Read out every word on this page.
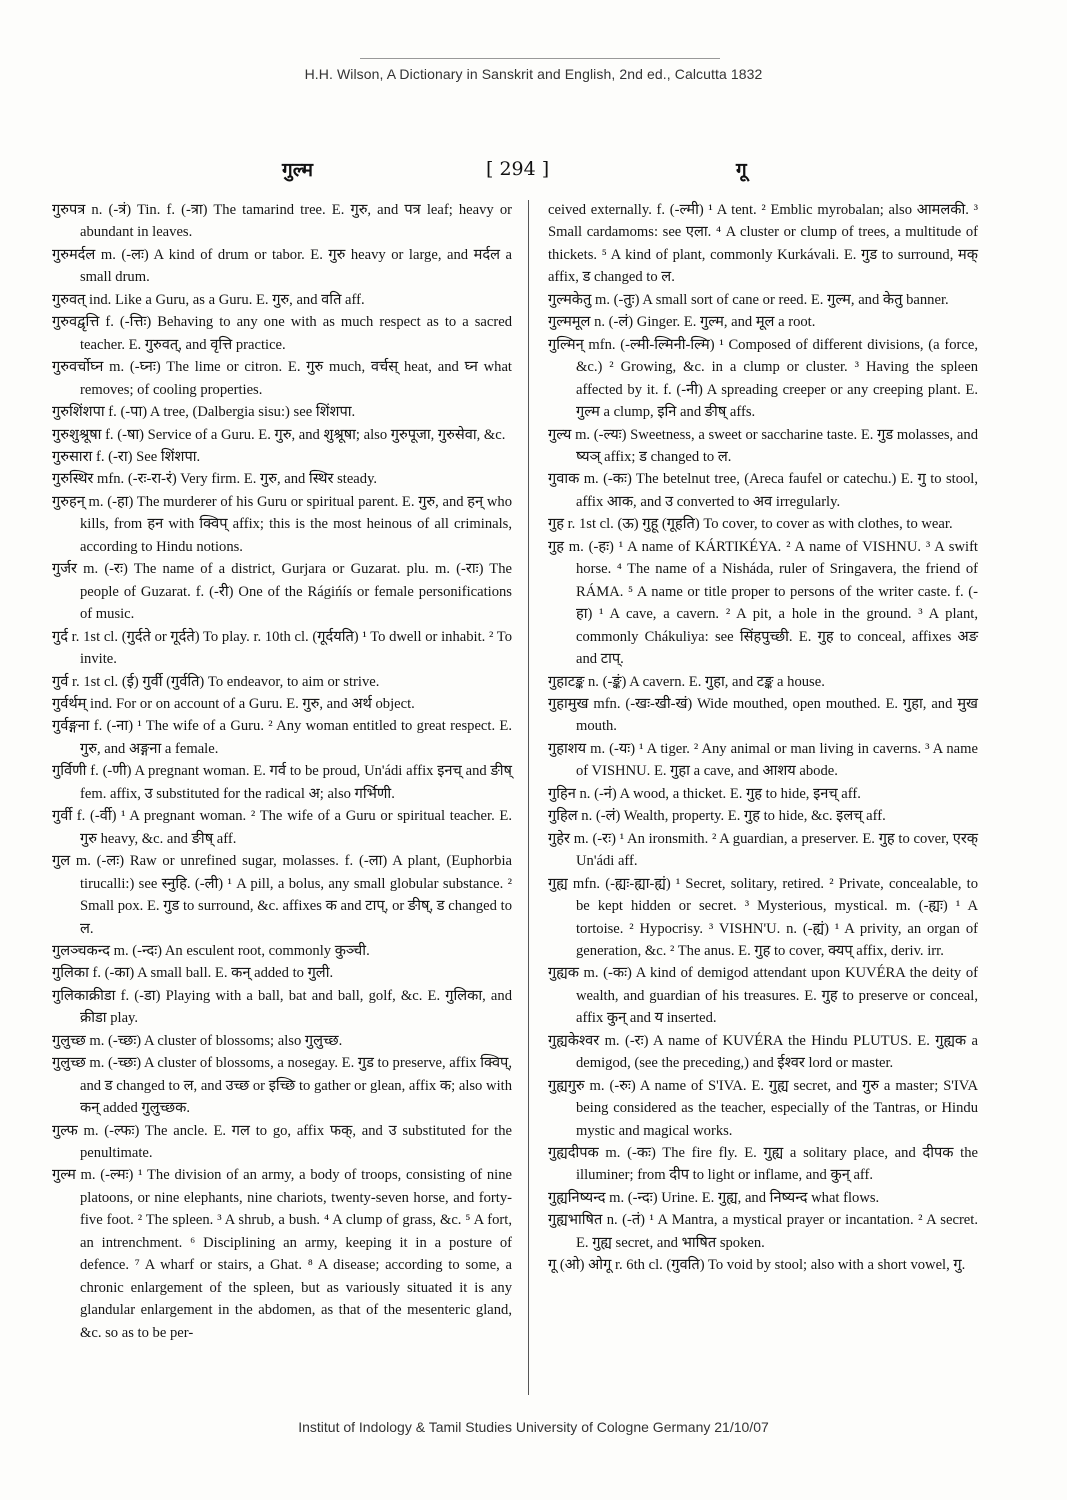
H.H. Wilson, A Dictionary in Sanskrit and English, 2nd ed., Calcutta 1832
गुल्म	[ 294 ]	गू

गुरुपत्र n. (-त्रं) Tin. f. (-त्रा) The tamarind tree. E. गुरु, and पत्र leaf; heavy or abundant in leaves.

गुरुमर्दल m. (-लः) A kind of drum or tabor. E. गुरु heavy or large, and मर्दल a small drum.

गुरुवत् ind. Like a Guru, as a Guru. E. गुरु, and वति aff.

गुरुवद्वृत्ति f. (-त्तिः) Behaving to any one with as much respect as to a sacred teacher. E. गुरुवत्, and वृत्ति practice.

गुरुवर्चोघ्न m. (-घ्नः) The lime or citron. E. गुरु much, वर्चस् heat, and घ्न what removes; of cooling properties.

गुरुशिंशपा f. (-पा) A tree, (Dalbergia sisu:) see शिंशपा.

गुरुशुश्रूषा f. (-षा) Service of a Guru. E. गुरु, and शुश्रूषा; also गुरुपूजा, गुरुसेवा, &c.

गुरुसारा f. (-रा) See शिंशपा.

गुरुस्थिर mfn. (-रः-रा-रं) Very firm. E. गुरु, and स्थिर steady.

गुरुहन् m. (-हा) The murderer of his Guru or spiritual parent. E. गुरु, and हन् who kills, from हन with क्विप् affix; this is the most heinous of all criminals, according to Hindu notions.

गुर्जर m. (-रः) The name of a district, Gurjara or Guzarat. plu. m. (-राः) The people of Guzarat. f. (-री) One of the Rágińís or female personifications of music.

गुर्द r. 1st cl. (गुर्दते or गूर्दते) To play. r. 10th cl. (गूर्दयति) ¹ To dwell or inhabit. ² To invite.

गुर्व r. 1st cl. (ई) गुर्वी (गुर्वति) To endeavor, to aim or strive.

गुर्वर्थम् ind. For or on account of a Guru. E. गुरु, and अर्थ object.

गुर्वङ्गना f. (-ना) ¹ The wife of a Guru. ² Any woman entitled to great respect. E. गुरु, and अङ्गना a female.

गुर्विणी f. (-णी) A pregnant woman. E. गर्व to be proud, Un'ádi affix इनच् and ङीष् fem. affix, उ substituted for the radical अ; also गर्भिणी.

गुर्वी f. (-र्वी) ¹ A pregnant woman. ² The wife of a Guru or spiritual teacher. E. गुरु heavy, &c. and ङीष् aff.

गुल m. (-लः) Raw or unrefined sugar, molasses. f. (-ला) A plant, (Euphorbia tirucalli:) see स्नुहि. (-ली) ¹ A pill, a bolus, any small globular substance. ² Small pox. E. गुड to surround, &c. affixes क and टाप्, or ङीष्, ड changed to ल.

गुलञ्चकन्द m. (-न्दः) An esculent root, commonly कुञ्ची.

गुलिका f. (-का) A small ball. E. कन् added to गुली.

गुलिकाक्रीडा f. (-डा) Playing with a ball, bat and ball, golf, &c. E. गुलिका, and क्रीडा play.

गुलुच्छ m. (-च्छः) A cluster of blossoms; also गुलुच्छ.

गुलुच्छ m. (-च्छः) A cluster of blossoms, a nosegay. E. गुड to preserve, affix क्विप्, and ड changed to ल, and उच्छ or इच्छि to gather or glean, affix क; also with कन् added गुलुच्छक.

गुल्फ m. (-ल्फः) The ancle. E. गल to go, affix फक्, and उ substituted for the penultimate.

गुल्म m. (-ल्मः) ¹ The division of an army, a body of troops, consisting of nine platoons, or nine elephants, nine chariots, twenty-seven horse, and forty-five foot. ² The spleen. ³ A shrub, a bush. ⁴ A clump of grass, &c. ⁵ A fort, an intrenchment. ⁶ Disciplining an army, keeping it in a posture of defence. ⁷ A wharf or stairs, a Ghat. ⁸ A disease; according to some, a chronic enlargement of the spleen, but as variously situated it is any glandular enlargement in the abdomen, as that of the mesenteric gland, &c. so as to be per-

ceived externally. f. (-ल्मी) ¹ A tent. ² Emblic myrobalan; also आमलकी. ³ Small cardamoms: see एला. ⁴ A cluster or clump of trees, a multitude of thickets. ⁵ A kind of plant, commonly Kurkávali. E. गुड to surround, मक् affix, ड changed to ल.

गुल्मकेतु m. (-तुः) A small sort of cane or reed. E. गुल्म, and केतु banner.

गुल्ममूल n. (-लं) Ginger. E. गुल्म, and मूल a root.

गुल्मिन् mfn. (-ल्मी-ल्मिनी-ल्मि) ¹ Composed of different divisions, (a force, &c.) ² Growing, &c. in a clump or cluster. ³ Having the spleen affected by it. f. (-नी) A spreading creeper or any creeping plant. E. गुल्म a clump, इनि and ङीष् affs.

गुल्य m. (-ल्यः) Sweetness, a sweet or saccharine taste. E. गुड molasses, and ष्यञ् affix; ड changed to ल.

गुवाक m. (-कः) The betelnut tree, (Areca faufel or catechu.) E. गु to stool, affix आक, and उ converted to अव irregularly.

गुह r. 1st cl. (ऊ) गुहू (गूहति) To cover, to cover as with clothes, to wear.

गुह m. (-हः) ¹ A name of KÁRTIKÉYA. ² A name of VISHNU. ³ A swift horse. ⁴ The name of a Nisháda, ruler of Sringavera, the friend of RÁMA. ⁵ A name or title proper to persons of the writer caste. f. (-हा) ¹ A cave, a cavern. ² A pit, a hole in the ground. ³ A plant, commonly Chákuliya: see सिंहपुच्छी. E. गुह to conceal, affixes अङ and टाप्.

गुहाटङ्क n. (-ङ्कं) A cavern. E. गुहा, and टङ्क a house.

गुहामुख mfn. (-खः-खी-खं) Wide mouthed, open mouthed. E. गुहा, and मुख mouth.

गुहाशय m. (-यः) ¹ A tiger. ² Any animal or man living in caverns. ³ A name of VISHNU. E. गुहा a cave, and आशय abode.

गुहिन n. (-नं) A wood, a thicket. E. गुह to hide, इनच् aff.

गुहिल n. (-लं) Wealth, property. E. गुह to hide, &c. इलच् aff.

गुहेर m. (-रः) ¹ An ironsmith. ² A guardian, a preserver. E. गुह to cover, एरक् Un'ádi aff.

गुह्य mfn. (-ह्यः-ह्या-ह्यं) ¹ Secret, solitary, retired. ² Private, concealable, to be kept hidden or secret. ³ Mysterious, mystical. m. (-ह्यः) ¹ A tortoise. ² Hypocrisy. ³ VISHN'U. n. (-ह्यं) ¹ A privity, an organ of generation, &c. ² The anus. E. गुह to cover, क्यप् affix, deriv. irr.

गुह्यक m. (-कः) A kind of demigod attendant upon KUVÉRA the deity of wealth, and guardian of his treasures. E. गुह to preserve or conceal, affix कुन् and य inserted.

गुह्यकेश्वर m. (-रः) A name of KUVÉRA the Hindu PLUTUS. E. गुह्यक a demigod, (see the preceding,) and ईश्वर lord or master.

गुह्यगुरु m. (-रुः) A name of S'IVA. E. गुह्य secret, and गुरु a master; S'IVA being considered as the teacher, especially of the Tantras, or Hindu mystic and magical works.

गुह्यदीपक m. (-कः) The fire fly. E. गुह्य a solitary place, and दीपक the illuminer; from दीप to light or inflame, and कुन् aff.

गुह्यनिष्यन्द m. (-न्दः) Urine. E. गुह्य, and निष्यन्द what flows.

गुह्यभाषित n. (-तं) ¹ A Mantra, a mystical prayer or incantation. ² A secret. E. गुह्य secret, and भाषित spoken.

गू (ओ) ओगू r. 6th cl. (गुवति) To void by stool; also with a short vowel, गु.

Institut of Indology & Tamil Studies University of Cologne Germany 21/10/07
